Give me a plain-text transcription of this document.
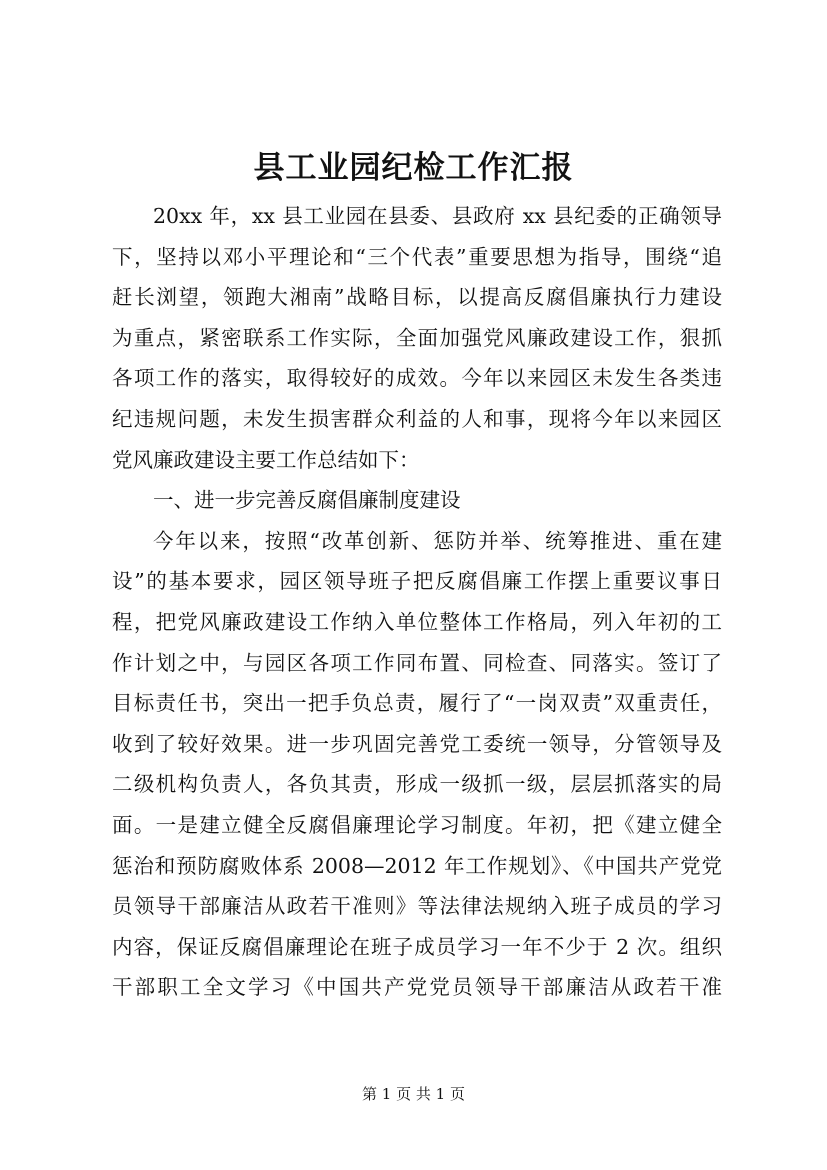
县工业园纪检工作汇报
20xx 年，xx 县工业园在县委、县政府 xx 县纪委的正确领导
下，坚持以邓小平理论和“三个代表”重要思想为指导，围绕“追
赶长浏望，领跑大湘南”战略目标，以提高反腐倡廉执行力建设
为重点，紧密联系工作实际，全面加强党风廉政建设工作，狠抓
各项工作的落实，取得较好的成效。今年以来园区未发生各类违
纪违规问题，未发生损害群众利益的人和事，现将今年以来园区
党风廉政建设主要工作总结如下：
一、进一步完善反腐倡廉制度建设
今年以来，按照“改革创新、惩防并举、统筹推进、重在建
设”的基本要求，园区领导班子把反腐倡廉工作摆上重要议事日
程，把党风廉政建设工作纳入单位整体工作格局，列入年初的工
作计划之中，与园区各项工作同布置、同检查、同落实。签订了
目标责任书，突出一把手负总责，履行了“一岗双责”双重责任，
收到了较好效果。进一步巩固完善党工委统一领导，分管领导及
二级机构负责人，各负其责，形成一级抓一级，层层抓落实的局
面。一是建立健全反腐倡廉理论学习制度。年初，把《建立健全
惩治和预防腐败体系 2008—2012 年工作规划》、《中国共产党党
员领导干部廉洁从政若干准则》等法律法规纳入班子成员的学习
内容，保证反腐倡廉理论在班子成员学习一年不少于 2 次。组织
干部职工全文学习《中国共产党党员领导干部廉洁从政若干准
第 1 页 共 1 页
